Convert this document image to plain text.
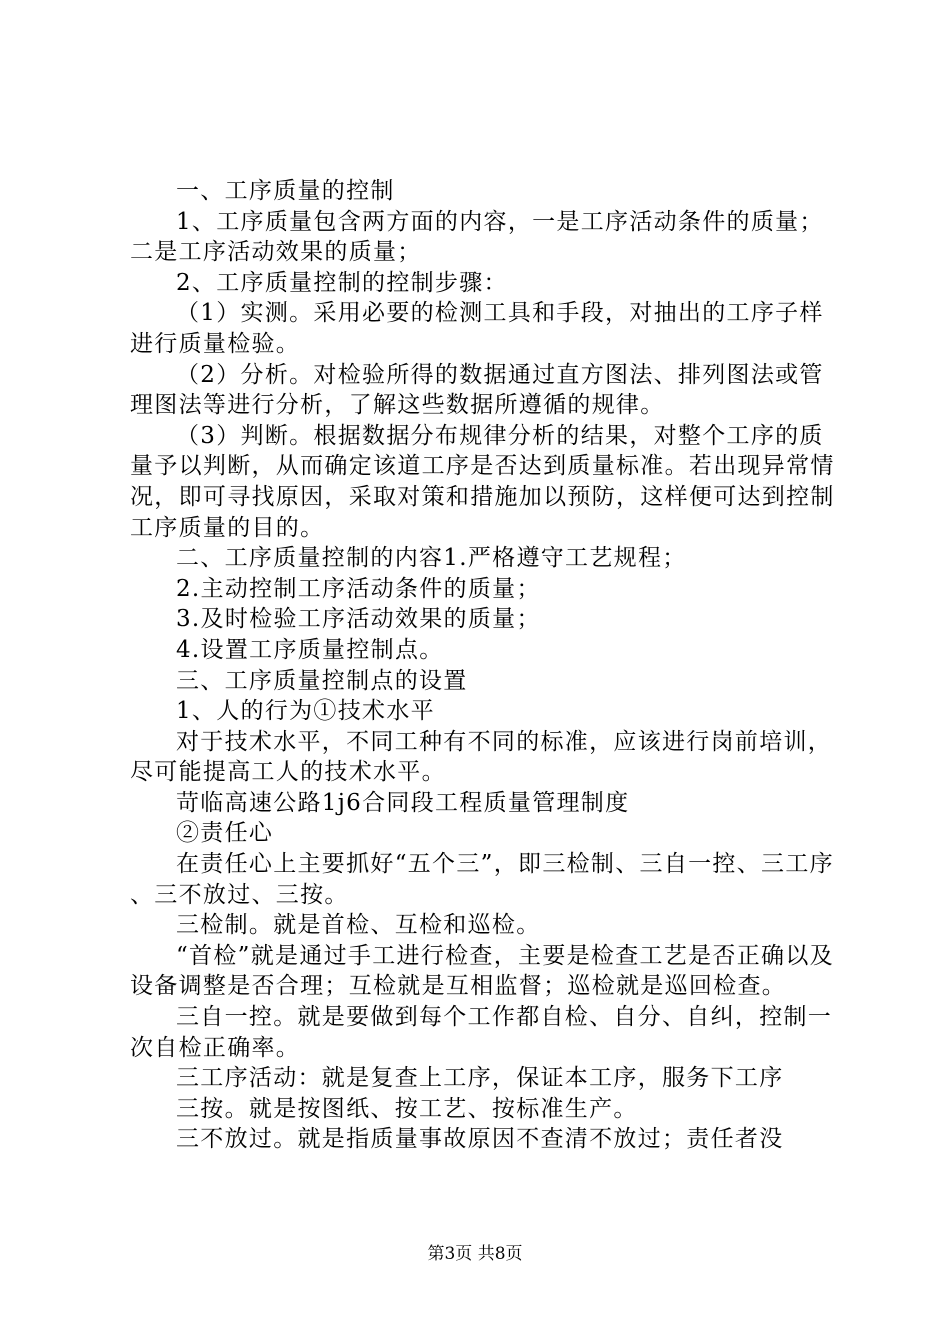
一、工序质量的控制

1、工序质量包含两方面的内容，一是工序活动条件的质量；二是工序活动效果的质量；

2、工序质量控制的控制步骤：

（1）实测。采用必要的检测工具和手段，对抽出的工序子样进行质量检验。

（2）分析。对检验所得的数据通过直方图法、排列图法或管理图法等进行分析，了解这些数据所遵循的规律。

（3）判断。根据数据分布规律分析的结果，对整个工序的质量予以判断，从而确定该道工序是否达到质量标准。若出现异常情况，即可寻找原因，采取对策和措施加以预防，这样便可达到控制工序质量的目的。

二、工序质量控制的内容1.严格遵守工艺规程；

2.主动控制工序活动条件的质量；

3.及时检验工序活动效果的质量；

4.设置工序质量控制点。

三、工序质量控制点的设置

1、人的行为①技术水平

对于技术水平，不同工种有不同的标准，应该进行岗前培训，尽可能提高工人的技术水平。

苛临高速公路1j6合同段工程质量管理制度

②责任心

在责任心上主要抓好“五个三”，即三检制、三自一控、三工序、三不放过、三按。

三检制。就是首检、互检和巡检。

“首检”就是通过手工进行检查，主要是检查工艺是否正确以及设备调整是否合理；互检就是互相监督；巡检就是巡回检查。

三自一控。就是要做到每个工作都自检、自分、自纠，控制一次自检正确率。

三工序活动：就是复查上工序，保证本工序，服务下工序

三按。就是按图纸、按工艺、按标准生产。

三不放过。就是指质量事故原因不查清不放过；责任者没

第3页 共8页
